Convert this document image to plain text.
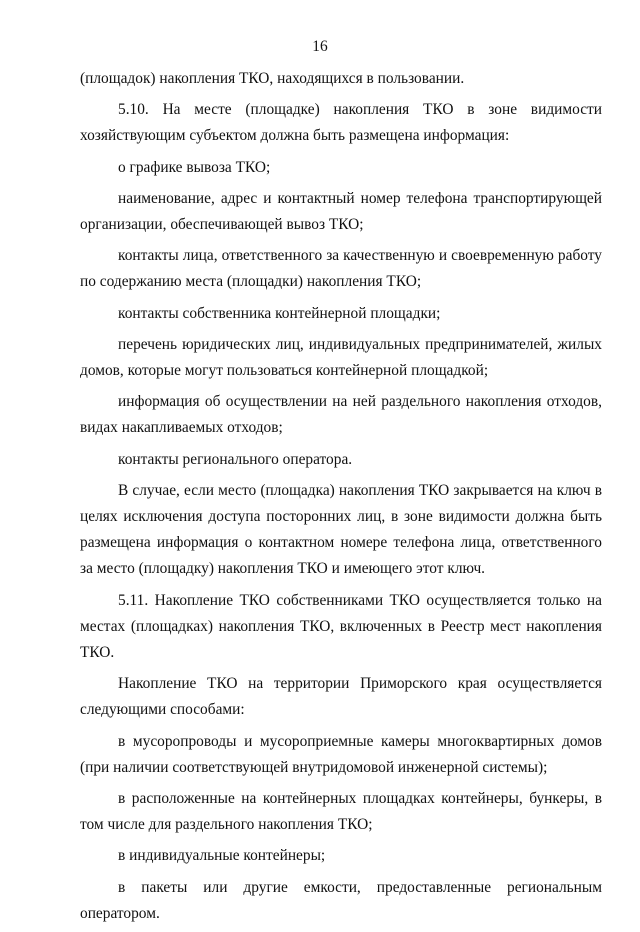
16

(площадок) накопления ТКО, находящихся в пользовании.

5.10. На месте (площадке) накопления ТКО в зоне видимости хозяйствующим субъектом должна быть размещена информация:

о графике вывоза ТКО;

наименование, адрес и контактный номер телефона транспортирующей организации, обеспечивающей вывоз ТКО;

контакты лица, ответственного за качественную и своевременную работу по содержанию места (площадки) накопления ТКО;

контакты собственника контейнерной площадки;

перечень юридических лиц, индивидуальных предпринимателей, жилых домов, которые могут пользоваться контейнерной площадкой;

информация об осуществлении на ней раздельного накопления отходов, видах накапливаемых отходов;

контакты регионального оператора.

В случае, если место (площадка) накопления ТКО закрывается на ключ в целях исключения доступа посторонних лиц, в зоне видимости должна быть размещена информация о контактном номере телефона лица, ответственного за место (площадку) накопления ТКО и имеющего этот ключ.

5.11. Накопление ТКО собственниками ТКО осуществляется только на местах (площадках) накопления ТКО, включенных в Реестр мест накопления ТКО.

Накопление ТКО на территории Приморского края осуществляется следующими способами:

в мусоропроводы и мусороприемные камеры многоквартирных домов (при наличии соответствующей внутридомовой инженерной системы);

в расположенные на контейнерных площадках контейнеры, бункеры, в том числе для раздельного накопления ТКО;

в индивидуальные контейнеры;

в пакеты или другие емкости, предоставленные региональным оператором.
